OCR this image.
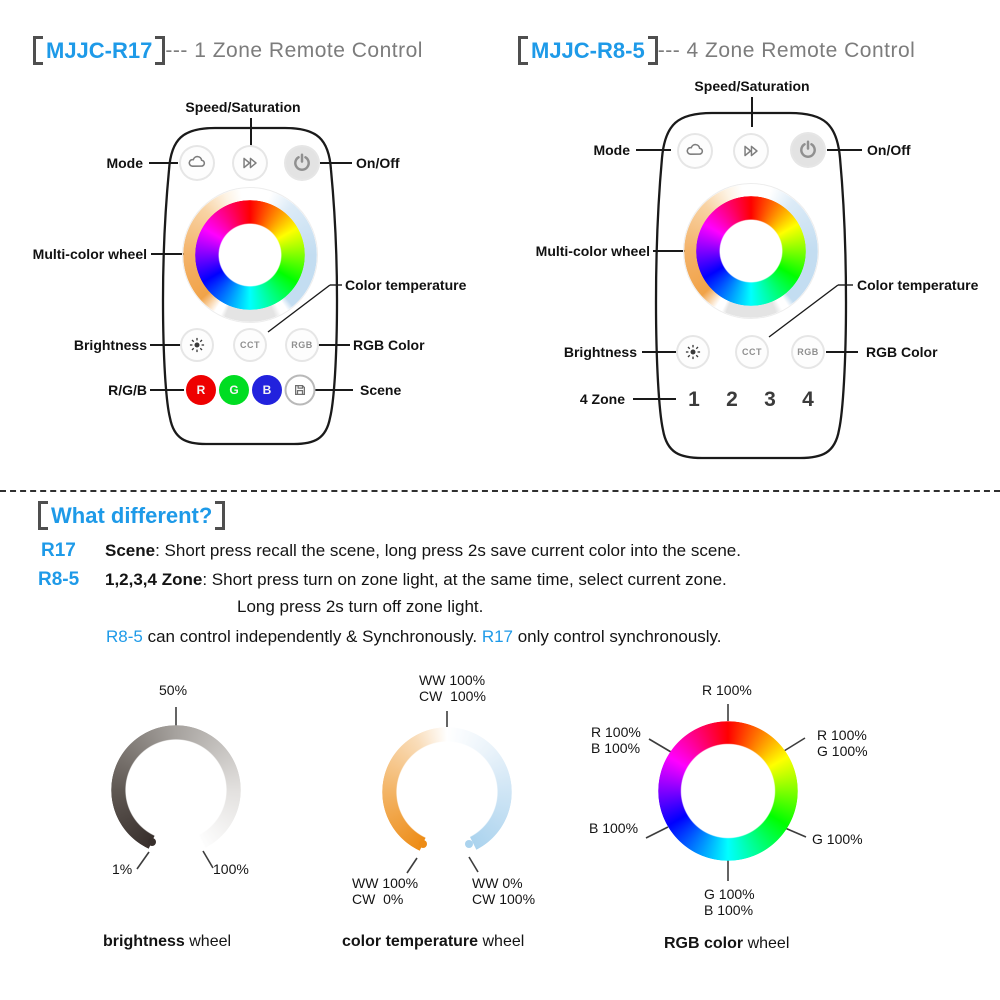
MJJC-R17 --- 1 Zone Remote Control	MJJC-R8-5 --- 4 Zone Remote Control
Speed/Saturation
Mode	On/Off
Multi-color wheel
Color temperature
Brightness	RGB Color
R/G/B	Scene
CCT	RGB
R G B
Speed/Saturation
Mode	On/Off
Multi-color wheel
Color temperature
Brightness	RGB Color
4 Zone
CCT	RGB
1 2 3 4
What different?
R17 Scene: Short press recall the scene, long press 2s save current color into the scene.
R8-5 1,2,3,4 Zone: Short press turn on zone light, at the same time, select current zone.
Long press 2s turn off zone light.
R8-5 can control independently & Synchronously. R17 only control synchronously.
50%
1%	100%
brightness wheel
WW 100%
CW  100%
WW 100%
CW  0%
WW 0%
CW 100%
color temperature wheel
R 100%
R 100%
G 100%
G 100%
G 100%
B 100%
B 100%
R 100%
B 100%
RGB color wheel
